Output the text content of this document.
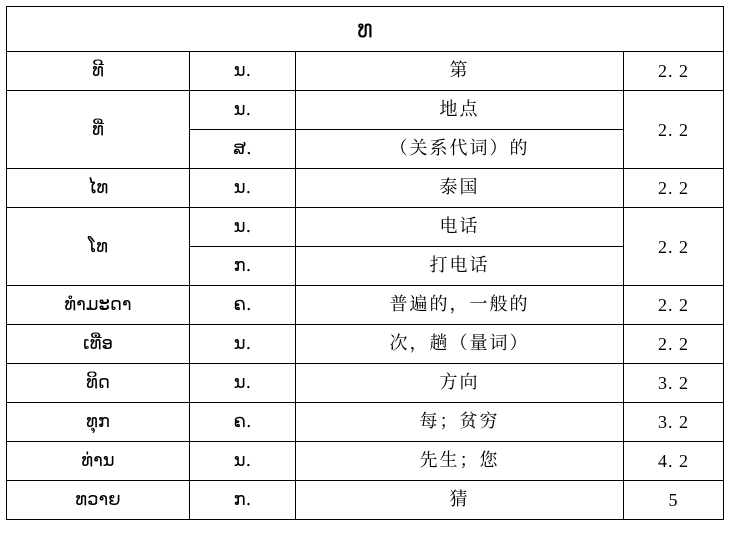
ທ			
ທີ	ນ.	第	2. 2
ທີ່	ນ.	地点	2. 2
	ສ.	（关系代词）的	
ໄທ	ນ.	泰国	2. 2
ໂທ	ນ.	电话	2. 2
	ກ.	打电话	
ທຳມະດາ	ຄ.	普遍的，一般的	2. 2
ເທື່ອ	ນ.	次，趟（量词）	2. 2
ທິດ	ນ.	方向	3. 2
ທຸກ	ຄ.	每；贫穷	3. 2
ທ່ານ	ນ.	先生；您	4. 2
ທວາຍ	ກ.	猜	5
